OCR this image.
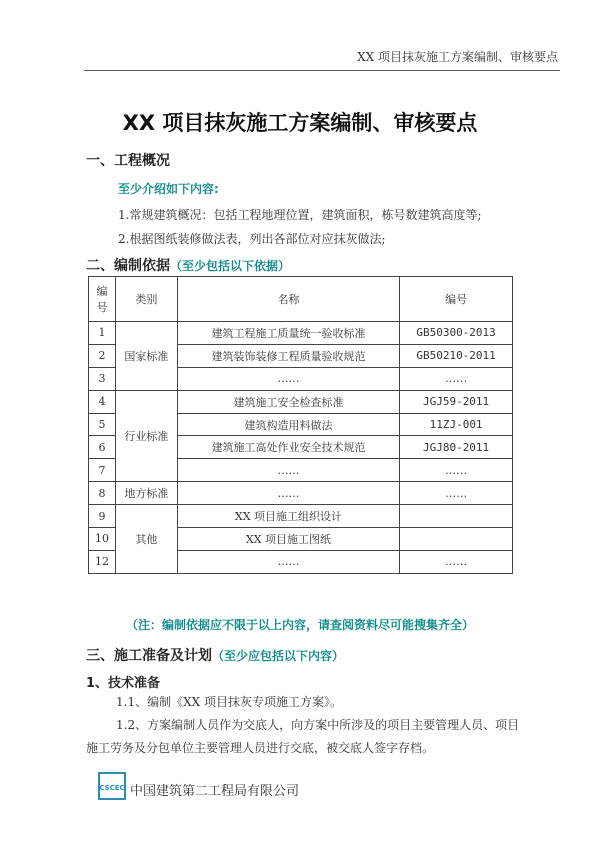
XX 项目抹灰施工方案编制、审核要点
XX 项目抹灰施工方案编制、审核要点
一、工程概况
至少介绍如下内容:
1.常规建筑概况：包括工程地理位置，建筑面积，栋号数建筑高度等;
2.根据图纸装修做法表，列出各部位对应抹灰做法;
二、编制依据（至少包括以下依据）
编号	类别	名称	编号
1	国家标准	建筑工程施工质量统一验收标准	GB50300-2013
2		建筑装饰装修工程质量验收规范	GB50210-2011
3		……	……
4	行业标准	建筑施工安全检查标准	JGJ59-2011
5		建筑构造用料做法	11ZJ-001
6		建筑施工高处作业安全技术规范	JGJ80-2011
7		……	……
8	地方标准	……	……
9	其他	XX 项目施工组织设计	
10		XX 项目施工图纸	
12		……	……
（注：编制依据应不限于以上内容，请查阅资料尽可能搜集齐全）
三、施工准备及计划（至少应包括以下内容）
1、技术准备
1.1、编制《XX 项目抹灰专项施工方案》。
1.2、方案编制人员作为交底人，向方案中所涉及的项目主要管理人员、项目施工劳务及分包单位主要管理人员进行交底，被交底人签字存档。
CSCEC 中国建筑第二工程局有限公司
